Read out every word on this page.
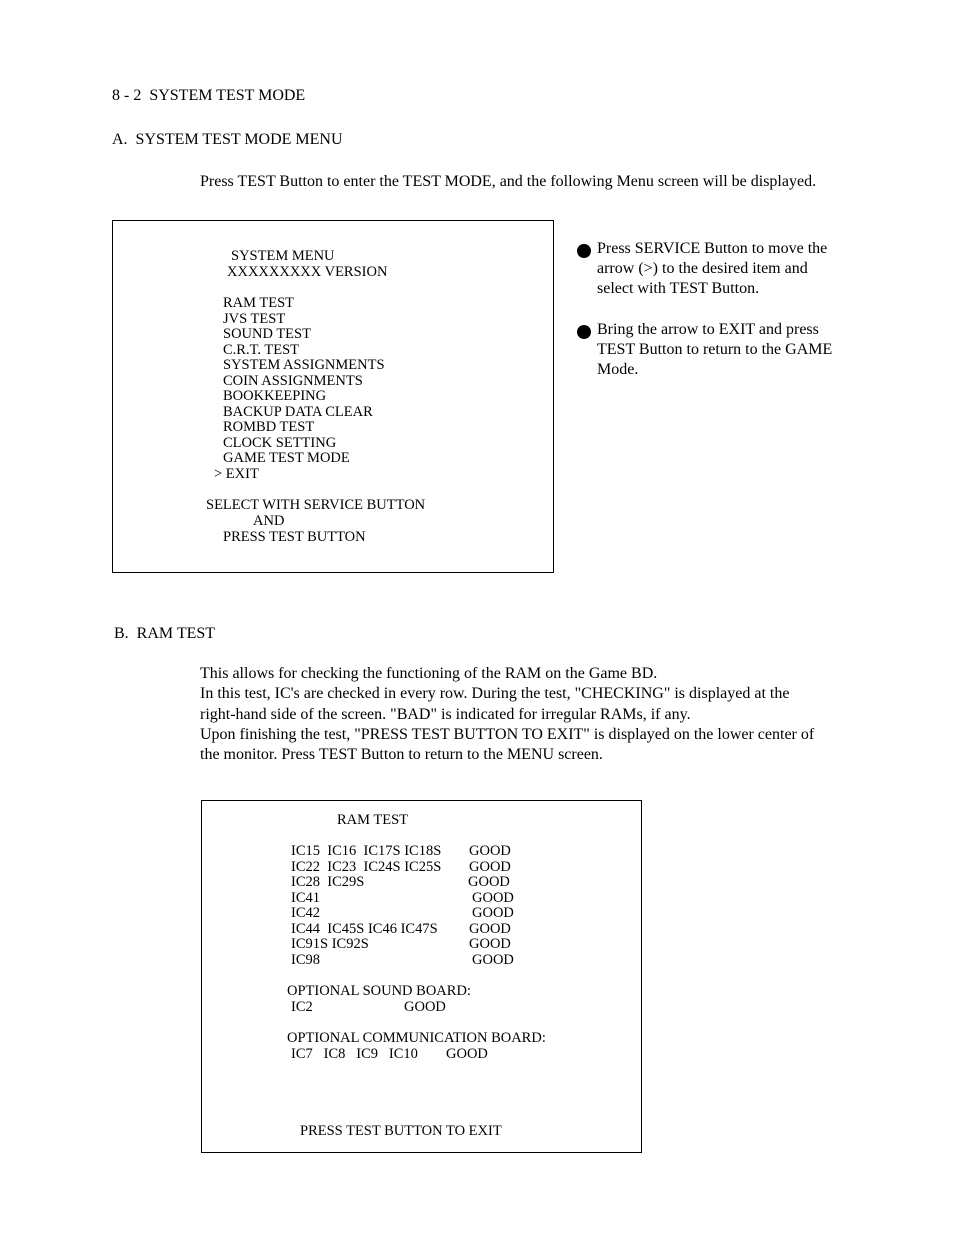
8 - 2  SYSTEM TEST MODE
A.  SYSTEM TEST MODE MENU
Press TEST Button to enter the TEST MODE, and the following Menu screen will be displayed.
SYSTEM MENU
XXXXXXXXX VERSION
RAM TEST
JVS TEST
SOUND TEST
C.R.T. TEST
SYSTEM ASSIGNMENTS
COIN ASSIGNMENTS
BOOKKEEPING
BACKUP DATA CLEAR
ROMBD TEST
CLOCK SETTING
GAME TEST MODE
> EXIT
SELECT WITH SERVICE BUTTON
AND
PRESS TEST BUTTON
Press SERVICE Button to move the
arrow (>) to the desired item and
select with TEST Button.
Bring the arrow to EXIT and press
TEST Button to return to the GAME
Mode.
B.  RAM TEST
This allows for checking the functioning of the RAM on the Game BD.
In this test, IC's are checked in every row. During the test, "CHECKING" is displayed at the
right-hand side of the screen. "BAD" is indicated for irregular RAMs, if any.
Upon finishing the test, "PRESS TEST BUTTON TO EXIT" is displayed on the lower center of
the monitor. Press TEST Button to return to the MENU screen.
RAM TEST
IC15  IC16  IC17S IC18S GOOD
IC22  IC23  IC24S IC25S GOOD
IC28  IC29S	GOOD
IC41	GOOD
IC42	GOOD
IC44  IC45S IC46 IC47S GOOD
IC91S IC92S	GOOD
IC98	GOOD
OPTIONAL SOUND BOARD:
IC2	GOOD
OPTIONAL COMMUNICATION BOARD:
IC7   IC8   IC9   IC10 GOOD
PRESS TEST BUTTON TO EXIT
